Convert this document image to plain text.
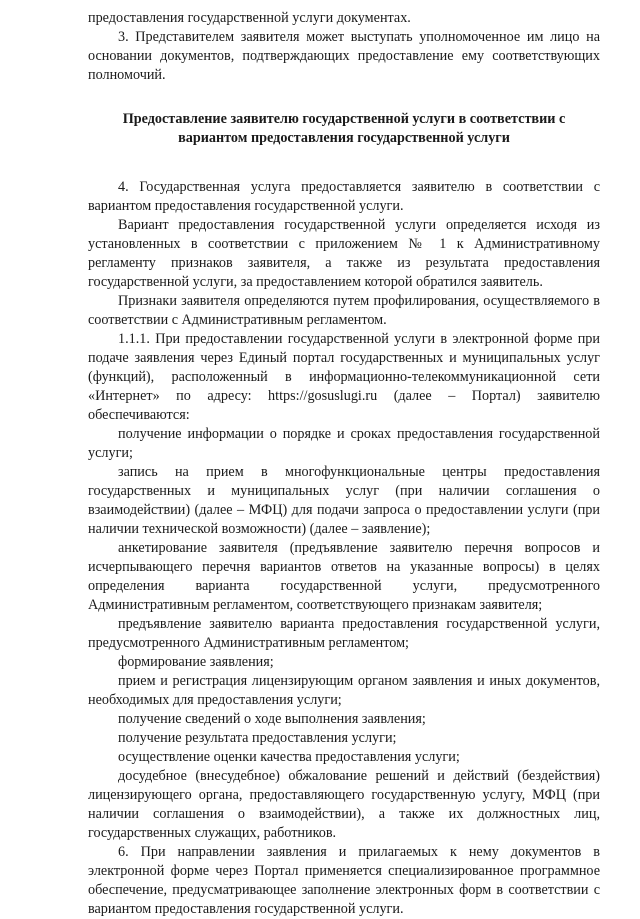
предоставления государственной услуги документах.

3. Представителем заявителя может выступать уполномоченное им лицо на основании документов, подтверждающих предоставление ему соответствующих полномочий.

Предоставление заявителю государственной услуги в соответствии с вариантом предоставления государственной услуги

4. Государственная услуга предоставляется заявителю в соответствии с вариантом предоставления государственной услуги.

Вариант предоставления государственной услуги определяется исходя из установленных в соответствии с приложением № 1 к Административному регламенту признаков заявителя, а также из результата предоставления государственной услуги, за предоставлением которой обратился заявитель.

Признаки заявителя определяются путем профилирования, осуществляемого в соответствии с Административным регламентом.

1.1.1. При предоставлении государственной услуги в электронной форме при подаче заявления через Единый портал государственных и муниципальных услуг (функций), расположенный в информационно-телекоммуникационной сети «Интернет» по адресу: https://gosuslugi.ru (далее – Портал) заявителю обеспечиваются:

получение информации о порядке и сроках предоставления государственной услуги;

запись на прием в многофункциональные центры предоставления государственных и муниципальных услуг (при наличии соглашения о взаимодействии) (далее – МФЦ) для подачи запроса о предоставлении услуги (при наличии технической возможности) (далее – заявление);

анкетирование заявителя (предъявление заявителю перечня вопросов и исчерпывающего перечня вариантов ответов на указанные вопросы) в целях определения варианта государственной услуги, предусмотренного Административным регламентом, соответствующего признакам заявителя;

предъявление заявителю варианта предоставления государственной услуги, предусмотренного Административным регламентом;

формирование заявления;

прием и регистрация лицензирующим органом заявления и иных документов, необходимых для предоставления услуги;

получение сведений о ходе выполнения заявления;

получение результата предоставления услуги;

осуществление оценки качества предоставления услуги;

досудебное (внесудебное) обжалование решений и действий (бездействия) лицензирующего органа, предоставляющего государственную услугу, МФЦ (при наличии соглашения о взаимодействии), а также их должностных лиц, государственных служащих, работников.

6. При направлении заявления и прилагаемых к нему документов в электронной форме через Портал применяется специализированное программное обеспечение, предусматривающее заполнение электронных форм в соответствии с вариантом предоставления государственной услуги.
